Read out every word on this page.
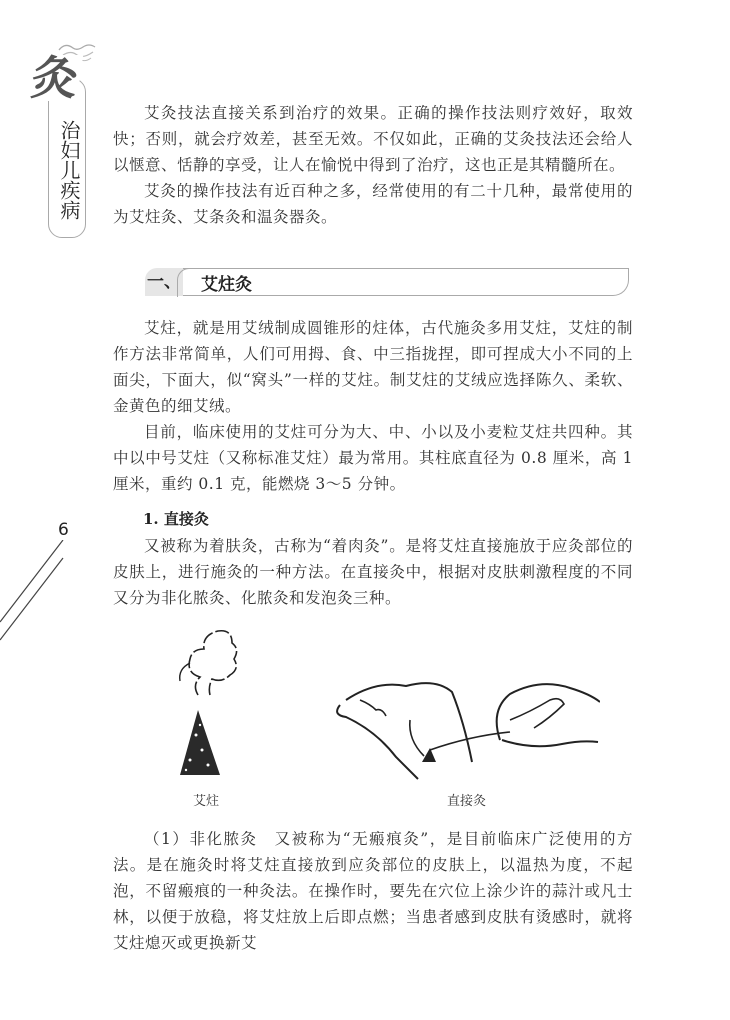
灸
治妇儿疾病
6

艾灸技法直接关系到治疗的效果。正确的操作技法则疗效好，取效快；否则，就会疗效差，甚至无效。不仅如此，正确的艾灸技法还会给人以惬意、恬静的享受，让人在愉悦中得到了治疗，这也正是其精髓所在。

艾灸的操作技法有近百种之多，经常使用的有二十几种，最常使用的为艾炷灸、艾条灸和温灸器灸。

一、	艾炷灸

艾炷，就是用艾绒制成圆锥形的炷体，古代施灸多用艾炷，艾炷的制作方法非常简单，人们可用拇、食、中三指拢捏，即可捏成大小不同的上面尖，下面大，似“窝头”一样的艾炷。制艾炷的艾绒应选择陈久、柔软、金黄色的细艾绒。

目前，临床使用的艾炷可分为大、中、小以及小麦粒艾炷共四种。其中以中号艾炷（又称标准艾炷）最为常用。其柱底直径为 0.8 厘米，高 1 厘米，重约 0.1 克，能燃烧 3～5 分钟。

1. 直接灸

又被称为着肤灸，古称为“着肉灸”。是将艾炷直接施放于应灸部位的皮肤上，进行施灸的一种方法。在直接灸中，根据对皮肤刺激程度的不同又分为非化脓灸、化脓灸和发泡灸三种。

艾炷	直接灸

（1）非化脓灸　又被称为“无瘢痕灸”，是目前临床广泛使用的方法。是在施灸时将艾炷直接放到应灸部位的皮肤上，以温热为度，不起泡，不留瘢痕的一种灸法。在操作时，要先在穴位上涂少许的蒜汁或凡士林，以便于放稳，将艾炷放上后即点燃；当患者感到皮肤有烫感时，就将艾炷熄灭或更换新艾
